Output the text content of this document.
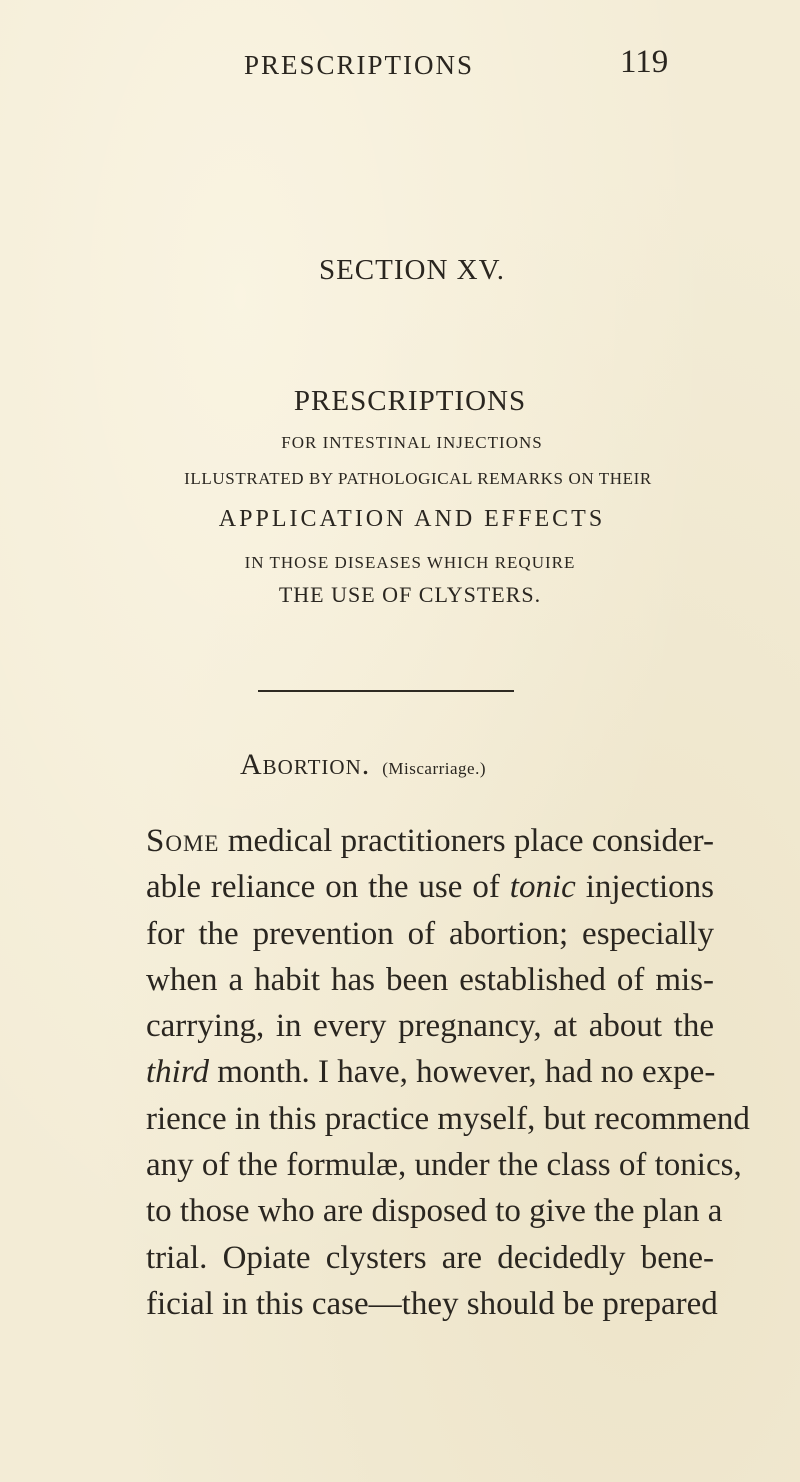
PRESCRIPTIONS	119
SECTION XV.
PRESCRIPTIONS
FOR INTESTINAL INJECTIONS
ILLUSTRATED BY PATHOLOGICAL REMARKS ON THEIR
APPLICATION AND EFFECTS
IN THOSE DISEASES WHICH REQUIRE
THE USE OF CLYSTERS.
Abortion. (Miscarriage.)
Some medical practitioners place consider-
able reliance on the use of tonic injections
for the prevention of abortion; especially
when a habit has been established of mis-
carrying, in every pregnancy, at about the
third month. I have, however, had no expe-
rience in this practice myself, but recommend
any of the formulæ, under the class of tonics,
to those who are disposed to give the plan a
trial. Opiate clysters are decidedly bene-
ficial in this case—they should be prepared
